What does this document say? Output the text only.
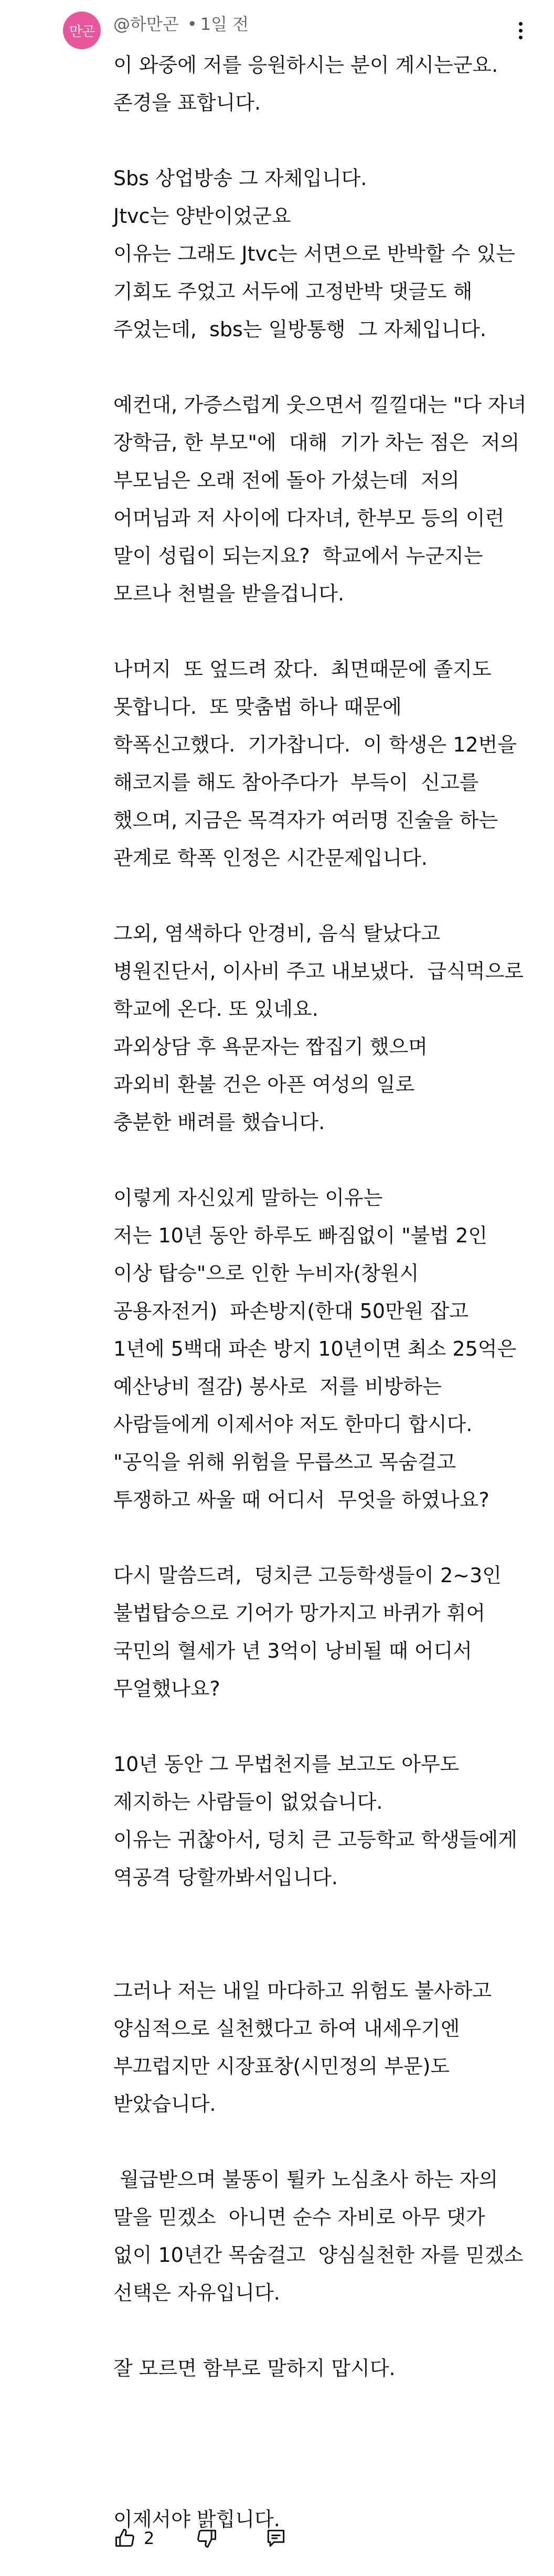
만곤 @하만곤 • 1일 전
이 와중에 저를 응원하시는 분이 계시는군요.
존경을 표합니다.
Sbs 상업방송 그 자체입니다.
Jtvc는 양반이었군요
이유는 그래도 Jtvc는 서면으로 반박할 수 있는
기회도 주었고 서두에 고정반박 댓글도 해
주었는데,  sbs는 일방통행  그 자체입니다.
예컨대, 가증스럽게 웃으면서 낄낄대는 "다 자녀
장학금, 한 부모"에  대해  기가 차는 점은  저의
부모님은 오래 전에 돌아 가셨는데  저의
어머님과 저 사이에 다자녀, 한부모 등의 이런
말이 성립이 되는지요?  학교에서 누군지는
모르나 천벌을 받을겁니다.
나머지  또 엎드려 잤다.  최면때문에 졸지도
못합니다.  또 맞춤법 하나 때문에
학폭신고했다.  기가찹니다.  이 학생은 12번을
해코지를 해도 참아주다가  부득이  신고를
했으며, 지금은 목격자가 여러명 진술을 하는
관계로 학폭 인정은 시간문제입니다.
그외, 염색하다 안경비, 음식 탈났다고
병원진단서, 이사비 주고 내보냈다.  급식먹으로
학교에 온다. 또 있네요.
과외상담 후 욕문자는 짭집기 했으며
과외비 환불 건은 아픈 여성의 일로
충분한 배려를 했습니다.
이렇게 자신있게 말하는 이유는
저는 10년 동안 하루도 빠짐없이 "불법 2인
이상 탑승"으로 인한 누비자(창원시
공용자전거)  파손방지(한대 50만원 잡고
1년에 5백대 파손 방지 10년이면 최소 25억은
예산낭비 절감) 봉사로  저를 비방하는
사람들에게 이제서야 저도 한마디 합시다.
"공익을 위해 위험을 무릅쓰고 목숨걸고
투쟁하고 싸울 때 어디서  무엇을 하였나요?
다시 말씀드려,  덩치큰 고등학생들이 2~3인
불법탑승으로 기어가 망가지고 바퀴가 휘어
국민의 혈세가 년 3억이 낭비될 때 어디서
무얼했나요?
10년 동안 그 무법천지를 보고도 아무도
제지하는 사람들이 없었습니다.
이유는 귀찮아서, 덩치 큰 고등학교 학생들에게
역공격 당할까봐서입니다.
그러나 저는 내일 마다하고 위험도 불사하고
양심적으로 실천했다고 하여 내세우기엔
부끄럽지만 시장표창(시민정의 부문)도
받았습니다.
월급받으며 불똥이 튈카 노심초사 하는 자의
말을 믿겠소  아니면 순수 자비로 아무 댓가
없이 10년간 목숨걸고  양심실천한 자를 믿겠소
선택은 자유입니다.
잘 모르면 함부로 말하지 맙시다.
이제서야 밝힙니다.
2
